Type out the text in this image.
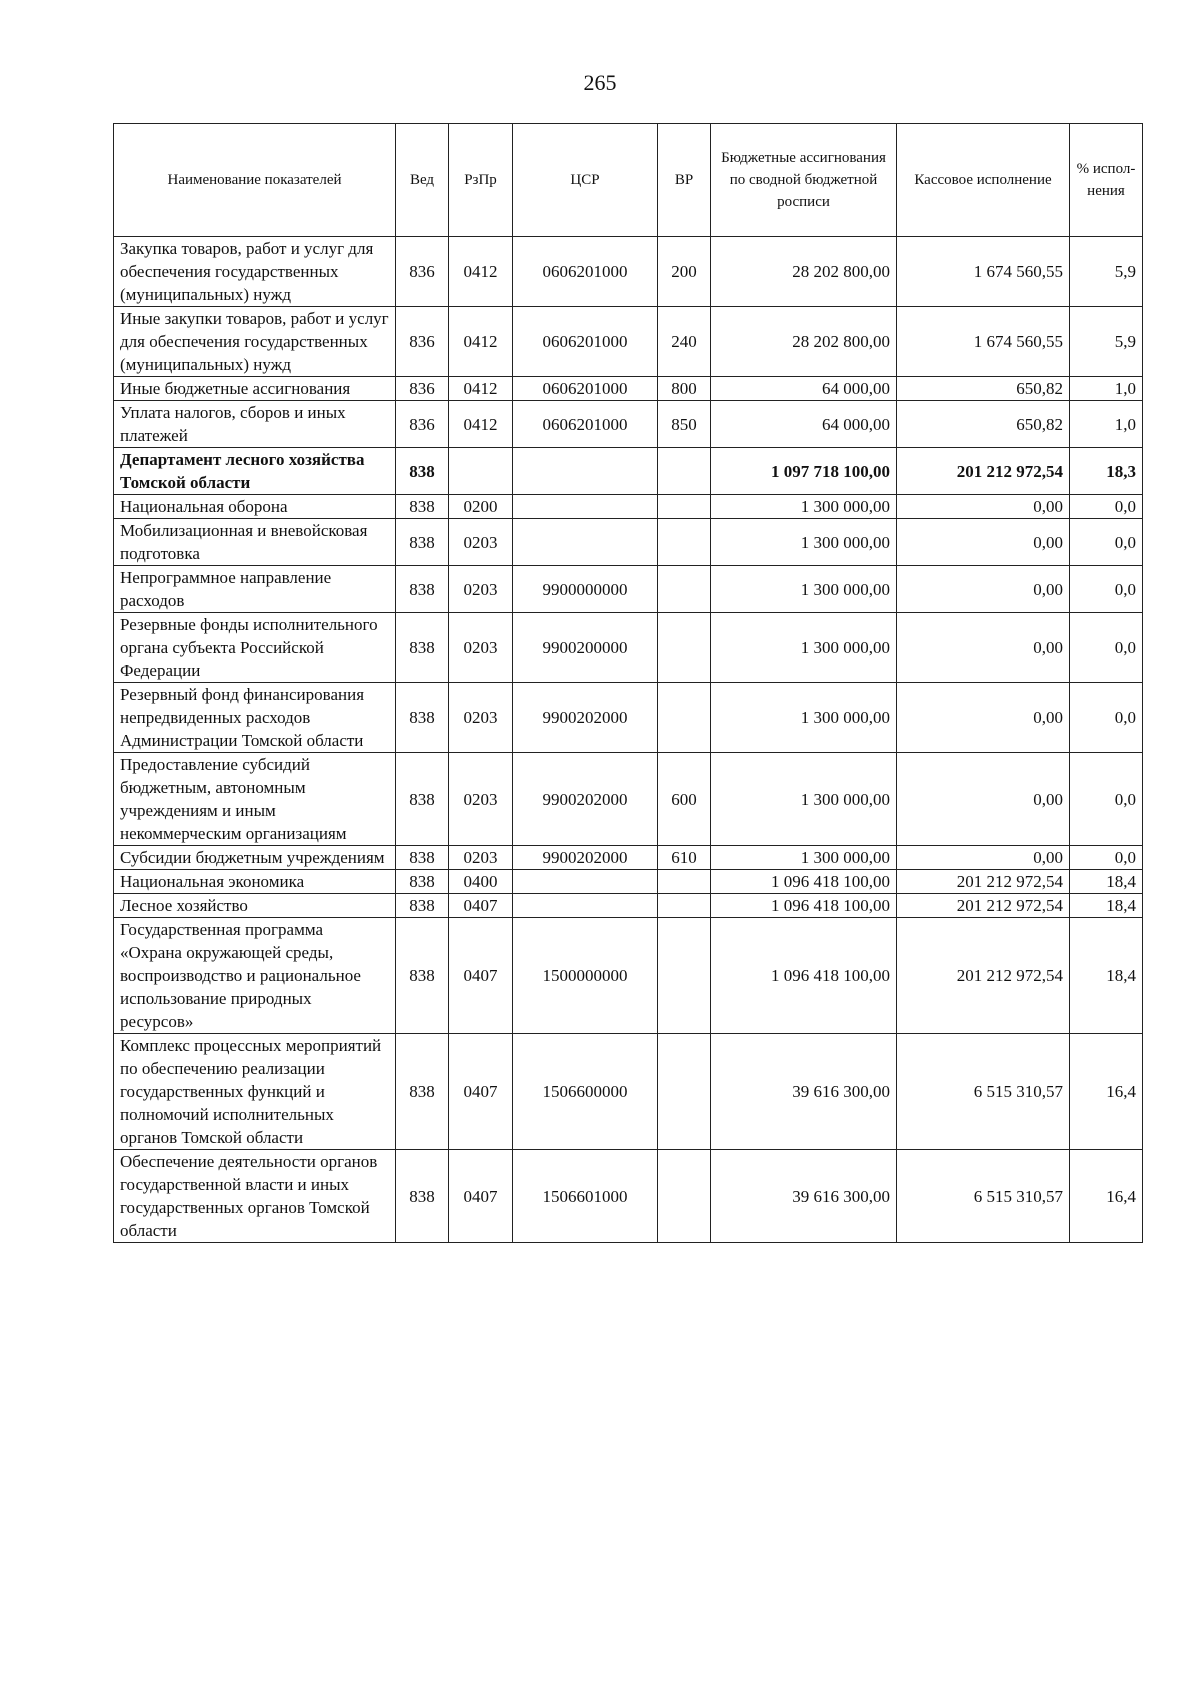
265
Наименование показателей	Вед	РзПр	ЦСР	ВР	Бюджетные ассигнования по сводной бюджетной росписи	Кассовое исполнение	% испол-нения
Закупка товаров, работ и услуг для обеспечения государственных (муниципальных) нужд	836	0412	0606201000	200	28 202 800,00	1 674 560,55	5,9
Иные закупки товаров, работ и услуг для обеспечения государственных (муниципальных) нужд	836	0412	0606201000	240	28 202 800,00	1 674 560,55	5,9
Иные бюджетные ассигнования	836	0412	0606201000	800	64 000,00	650,82	1,0
Уплата налогов, сборов и иных платежей	836	0412	0606201000	850	64 000,00	650,82	1,0
Департамент лесного хозяйства Томской области	838				1 097 718 100,00	201 212 972,54	18,3
Национальная оборона	838	0200			1 300 000,00	0,00	0,0
Мобилизационная и вневойсковая подготовка	838	0203			1 300 000,00	0,00	0,0
Непрограммное направление расходов	838	0203	9900000000		1 300 000,00	0,00	0,0
Резервные фонды исполнительного органа субъекта Российской Федерации	838	0203	9900200000		1 300 000,00	0,00	0,0
Резервный фонд финансирования непредвиденных расходов Администрации Томской области	838	0203	9900202000		1 300 000,00	0,00	0,0
Предоставление субсидий бюджетным, автономным учреждениям и иным некоммерческим организациям	838	0203	9900202000	600	1 300 000,00	0,00	0,0
Субсидии бюджетным учреждениям	838	0203	9900202000	610	1 300 000,00	0,00	0,0
Национальная экономика	838	0400			1 096 418 100,00	201 212 972,54	18,4
Лесное хозяйство	838	0407			1 096 418 100,00	201 212 972,54	18,4
Государственная программа «Охрана окружающей среды, воспроизводство и рациональное использование природных ресурсов»	838	0407	1500000000		1 096 418 100,00	201 212 972,54	18,4
Комплекс процессных мероприятий по обеспечению реализации государственных функций и полномочий исполнительных органов Томской области	838	0407	1506600000		39 616 300,00	6 515 310,57	16,4
Обеспечение деятельности органов государственной власти и иных государственных органов Томской области	838	0407	1506601000		39 616 300,00	6 515 310,57	16,4
